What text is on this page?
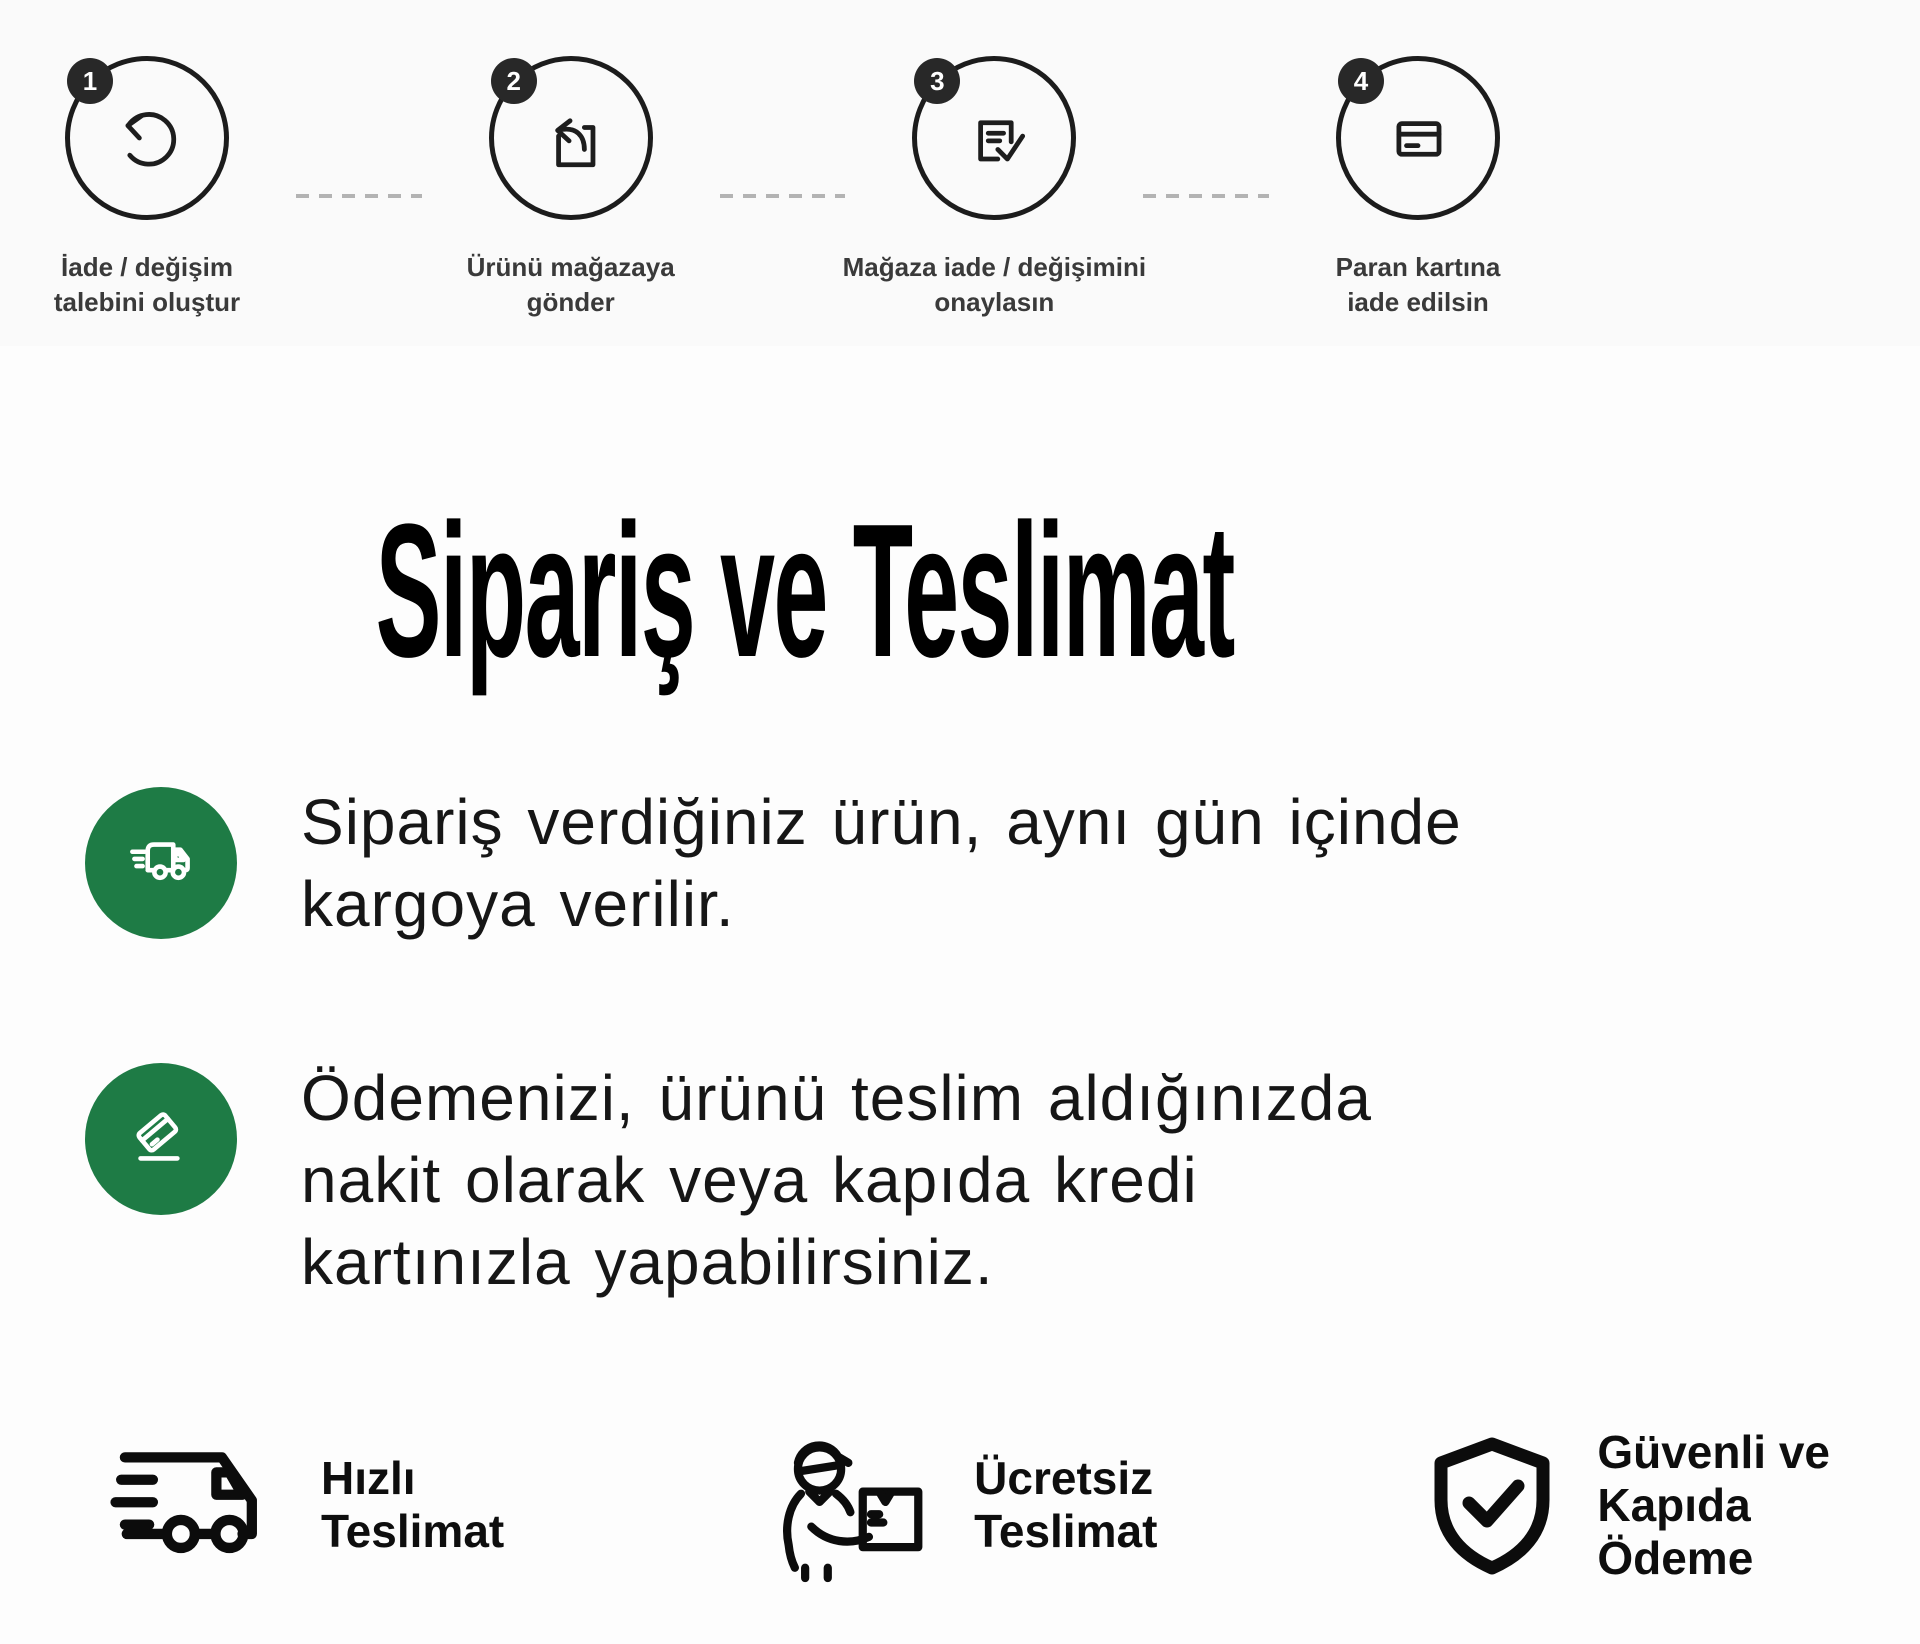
1
İade / değişim
talebini oluştur
2
Ürünü mağazaya
gönder
3
Mağaza iade / değişimini
onaylasın
4
Paran kartına
iade edilsin
Sipariş ve Teslimat
Sipariş verdiğiniz ürün, aynı gün içinde
kargoya verilir.
Ödemenizi, ürünü teslim aldığınızda
nakit olarak veya kapıda kredi
kartınızla yapabilirsiniz.
Hızlı
Teslimat
Ücretsiz
Teslimat
Güvenli ve
Kapıda
Ödeme
